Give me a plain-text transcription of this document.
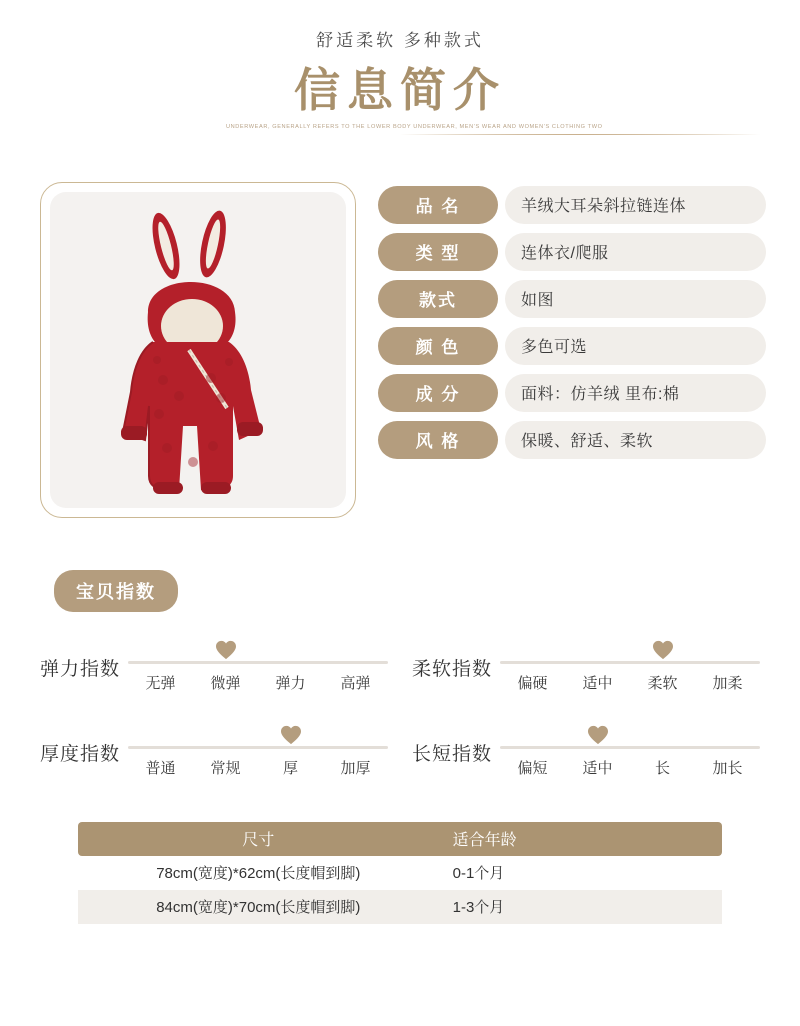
舒适柔软 多种款式
信息简介
UNDERWEAR, GENERALLY REFERS TO THE LOWER BODY UNDERWEAR, MEN'S WEAR AND WOMEN'S CLOTHING TWO
品 名	羊绒大耳朵斜拉链连体
类 型	连体衣/爬服
款式	如图
颜 色	多色可选
成 分	面料：仿羊绒 里布:棉
风 格	保暖、舒适、柔软
宝贝指数
弹力指数
无弹	微弹	弹力	高弹
柔软指数
偏硬	适中	柔软	加柔
厚度指数
普通	常规	厚	加厚
长短指数
偏短	适中	长	加长
尺寸	适合年龄
78cm(宽度)*62cm(长度帽到脚)	0-1个月
84cm(宽度)*70cm(长度帽到脚)	1-3个月
